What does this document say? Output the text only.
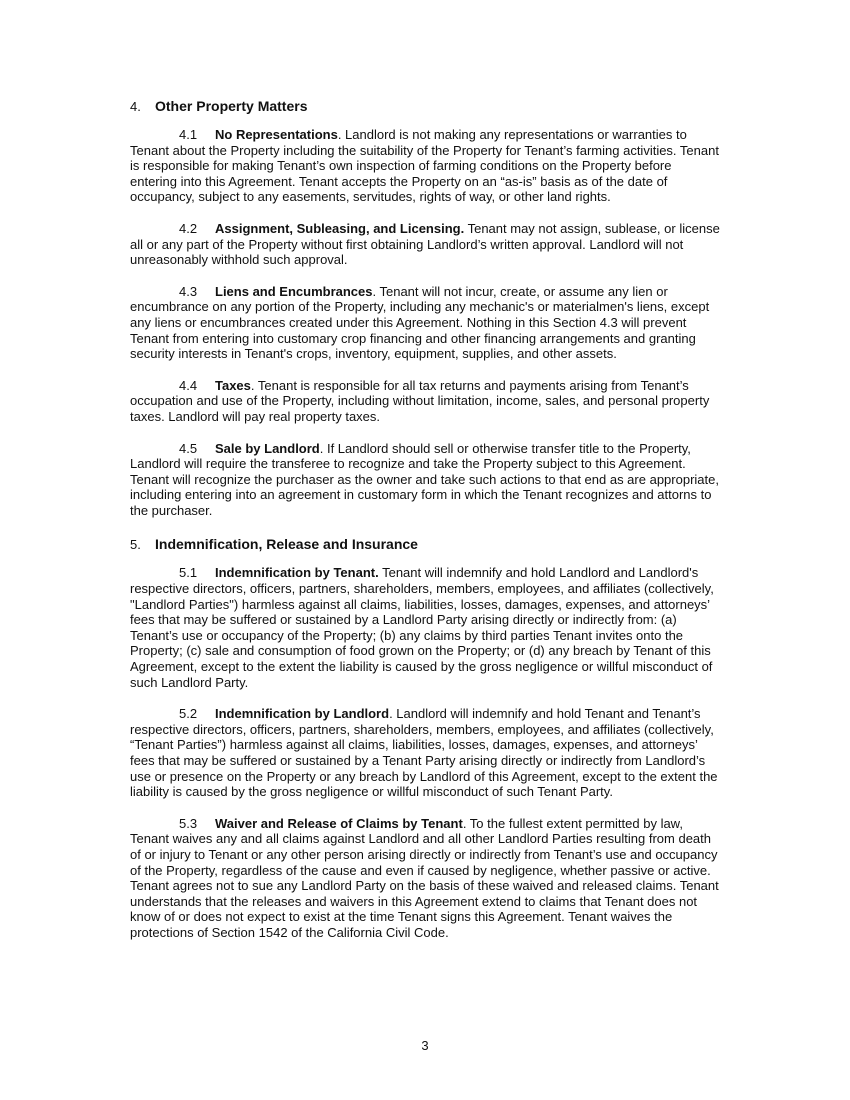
4. Other Property Matters

4.1 No Representations. Landlord is not making any representations or warranties to Tenant about the Property including the suitability of the Property for Tenant’s farming activities. Tenant is responsible for making Tenant’s own inspection of farming conditions on the Property before entering into this Agreement. Tenant accepts the Property on an “as-is” basis as of the date of occupancy, subject to any easements, servitudes, rights of way, or other land rights.

4.2 Assignment, Subleasing, and Licensing. Tenant may not assign, sublease, or license all or any part of the Property without first obtaining Landlord’s written approval. Landlord will not unreasonably withhold such approval.

4.3 Liens and Encumbrances. Tenant will not incur, create, or assume any lien or encumbrance on any portion of the Property, including any mechanic's or materialmen's liens, except any liens or encumbrances created under this Agreement. Nothing in this Section 4.3 will prevent Tenant from entering into customary crop financing and other financing arrangements and granting security interests in Tenant's crops, inventory, equipment, supplies, and other assets.

4.4 Taxes. Tenant is responsible for all tax returns and payments arising from Tenant’s occupation and use of the Property, including without limitation, income, sales, and personal property taxes. Landlord will pay real property taxes.

4.5 Sale by Landlord. If Landlord should sell or otherwise transfer title to the Property, Landlord will require the transferee to recognize and take the Property subject to this Agreement. Tenant will recognize the purchaser as the owner and take such actions to that end as are appropriate, including entering into an agreement in customary form in which the Tenant recognizes and attorns to the purchaser.

5. Indemnification, Release and Insurance

5.1 Indemnification by Tenant. Tenant will indemnify and hold Landlord and Landlord's respective directors, officers, partners, shareholders, members, employees, and affiliates (collectively, "Landlord Parties") harmless against all claims, liabilities, losses, damages, expenses, and attorneys’ fees that may be suffered or sustained by a Landlord Party arising directly or indirectly from: (a) Tenant’s use or occupancy of the Property; (b) any claims by third parties Tenant invites onto the Property; (c) sale and consumption of food grown on the Property; or (d) any breach by Tenant of this Agreement, except to the extent the liability is caused by the gross negligence or willful misconduct of such Landlord Party.

5.2 Indemnification by Landlord. Landlord will indemnify and hold Tenant and Tenant’s respective directors, officers, partners, shareholders, members, employees, and affiliates (collectively, “Tenant Parties”) harmless against all claims, liabilities, losses, damages, expenses, and attorneys’ fees that may be suffered or sustained by a Tenant Party arising directly or indirectly from Landlord’s use or presence on the Property or any breach by Landlord of this Agreement, except to the extent the liability is caused by the gross negligence or willful misconduct of such Tenant Party.

5.3 Waiver and Release of Claims by Tenant. To the fullest extent permitted by law, Tenant waives any and all claims against Landlord and all other Landlord Parties resulting from death of or injury to Tenant or any other person arising directly or indirectly from Tenant’s use and occupancy of the Property, regardless of the cause and even if caused by negligence, whether passive or active. Tenant agrees not to sue any Landlord Party on the basis of these waived and released claims. Tenant understands that the releases and waivers in this Agreement extend to claims that Tenant does not know of or does not expect to exist at the time Tenant signs this Agreement. Tenant waives the protections of Section 1542 of the California Civil Code.

3
